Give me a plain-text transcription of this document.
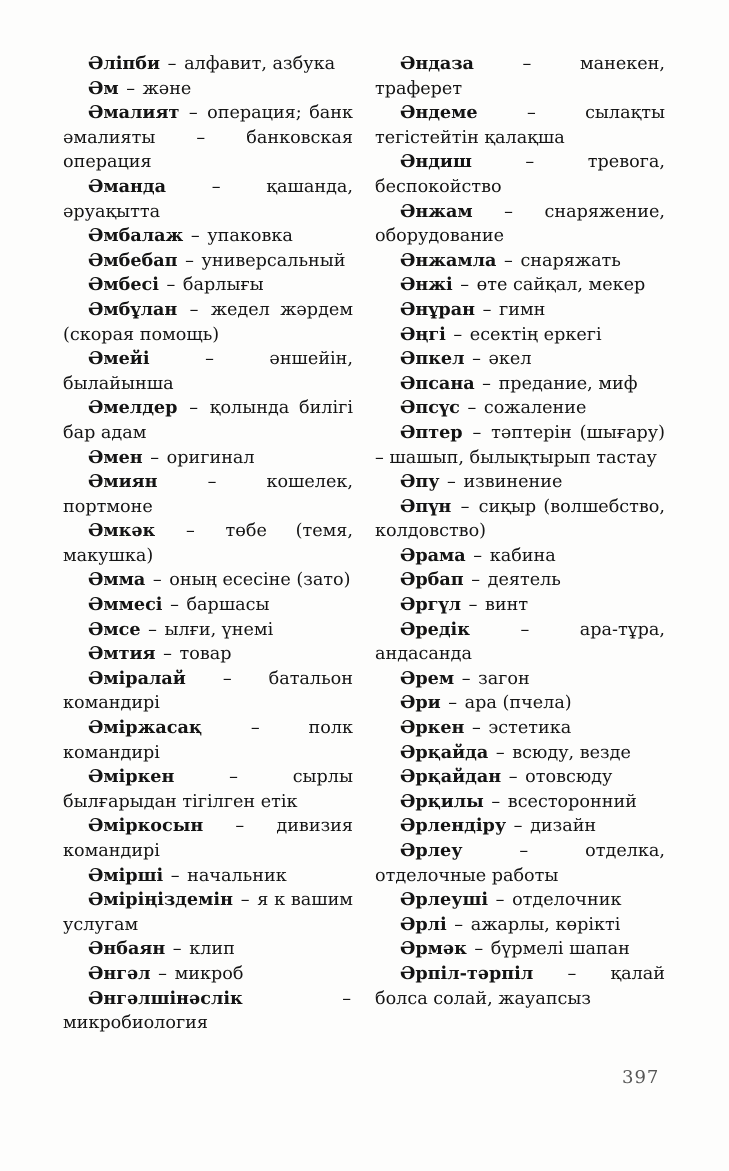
Әліпби – алфавит, азбука

Әм – және

Әмалият – операция; банк әмалияты – банковская операция

Әманда – қашанда, әруақытта

Әмбалаж – упаковка

Әмбебап – универсальный

Әмбесі – барлығы

Әмбұлан – жедел жәрдем (скорая помощь)

Әмейі – әншейін, былайынша

Әмелдер – қолында билігі бар адам

Әмен – оригинал

Әмиян – кошелек, портмоне

Әмкәк – төбе (темя, макушка)

Әмма – оның есесіне (зато)

Әммесі – баршасы

Әмсе – ылғи, үнемі

Әмтия – товар

Әміралай – батальон командирі

Әміржасақ – полк командирі

Әміркен – сырлы былғарыдан тігілген етік

Әміркосын – дивизия командирі

Әмірші – начальник

Әміріңіздемін – я к вашим услугам

Әнбаян – клип

Әнгәл – микроб

Әнгәлшінәслік – микробиология

Әндаза – манекен, траферет

Әндеме – сылақты тегістейтін қалақша

Әндиш – тревога, беспокойство

Әнжам – снаряжение, оборудование

Әнжамла – снаряжать

Әнжі – өте сайқал, мекер

Әнұран – гимн

Әңгі – есектің еркегі

Әпкел – әкел

Әпсана – предание, миф

Әпсүс – сожаление

Әптер – тәптерін (шығару) – шашып, былықтырып тастау

Әпу – извинение

Әпүн – сиқыр (волшебство, колдовство)

Әрама – кабина

Әрбап – деятель

Әргүл – винт

Әредік – ара-тұра, андасанда

Әрем – загон

Әри – ара (пчела)

Әркен – эстетика

Әрқайда – всюду, везде

Әрқайдан – отовсюду

Әрқилы – всесторонний

Әрлендіру – дизайн

Әрлеу – отделка, отделочные работы

Әрлеуші – отделочник

Әрлі – ажарлы, көрікті

Әрмәк – бүрмелі шапан

Әрпіл-тәрпіл – қалай болса солай, жауапсыз

397
